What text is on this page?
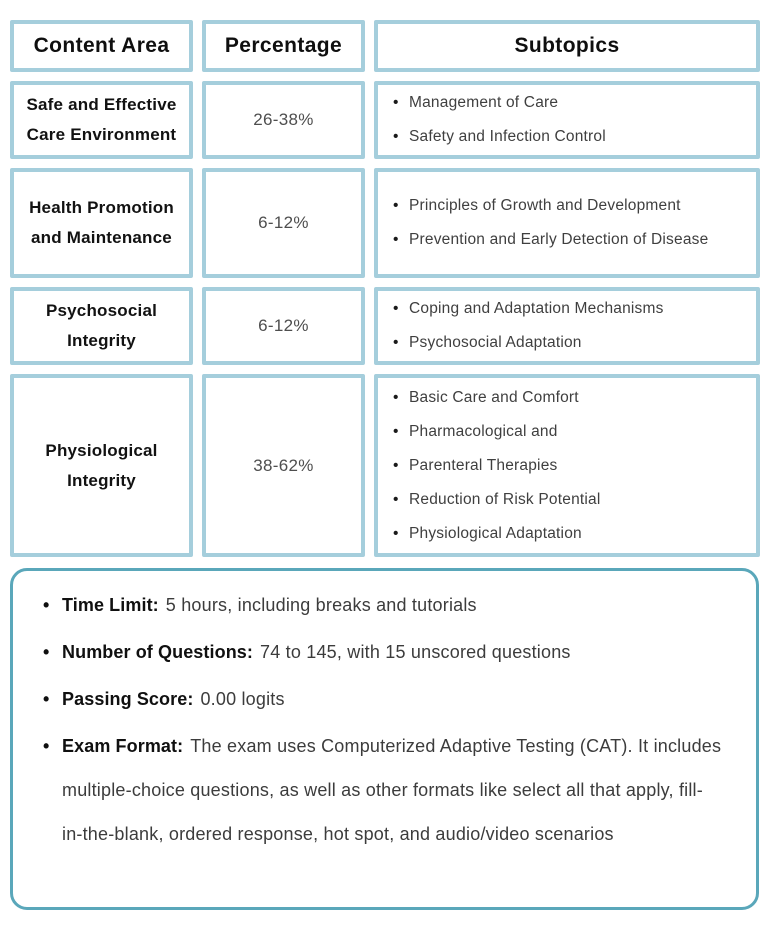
Content Area	Percentage	Subtopics
Safe and Effective Care Environment
26-38%
• Management of Care
• Safety and Infection Control
Health Promotion and Maintenance
6-12%
• Principles of Growth and Development
• Prevention and Early Detection of Disease
Psychosocial Integrity
6-12%
• Coping and Adaptation Mechanisms
• Psychosocial Adaptation
Physiological Integrity
38-62%
• Basic Care and Comfort
• Pharmacological and
• Parenteral Therapies
• Reduction of Risk Potential
• Physiological Adaptation
• Time Limit: 5 hours, including breaks and tutorials
• Number of Questions: 74 to 145, with 15 unscored questions
• Passing Score: 0.00 logits
• Exam Format: The exam uses Computerized Adaptive Testing (CAT). It includes multiple-choice questions, as well as other formats like select all that apply, fill-in-the-blank, ordered response, hot spot, and audio/video scenarios
